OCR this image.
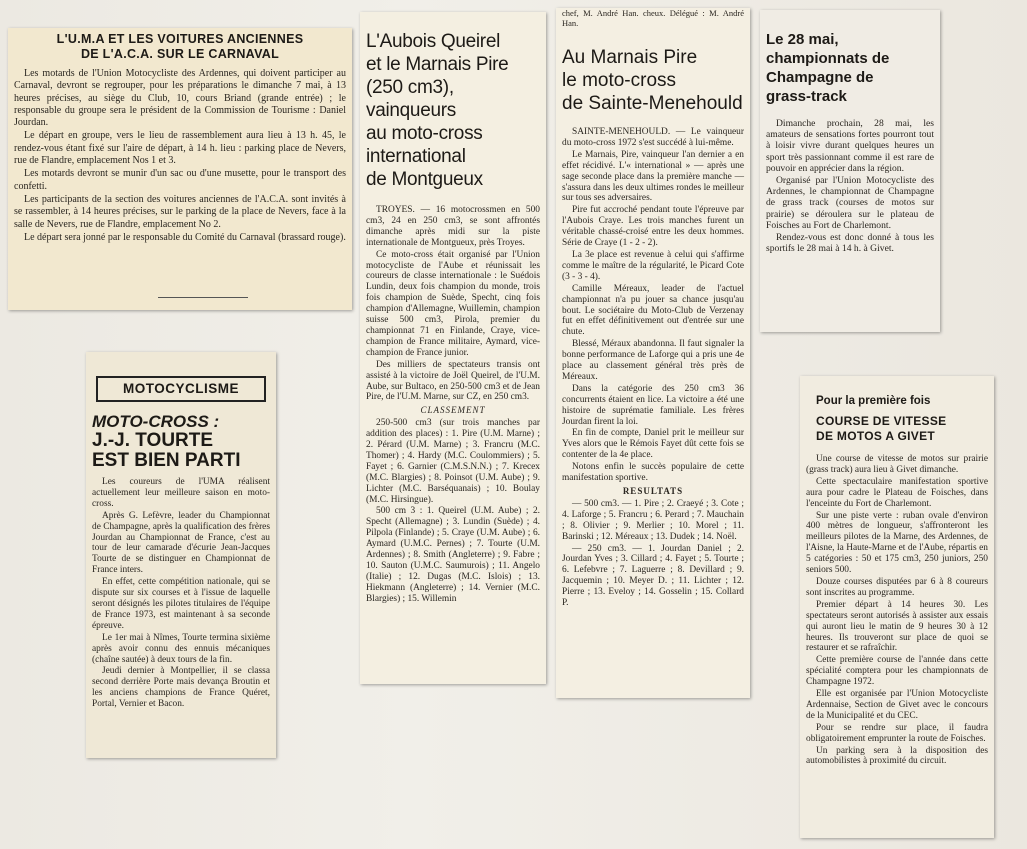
L'U.M.A ET LES VOITURES ANCIENNES
DE L'A.C.A. SUR LE CARNAVAL

Les motards de l'Union Motocycliste des Ardennes, qui doivent participer au Carnaval, devront se regrouper, pour les préparations le dimanche 7 mai, à 13 heures précises, au siège du Club, 10, cours Briand (grande entrée) ; le responsable du groupe sera le président de la Commission de Tourisme : Daniel Jourdan.

Le départ en groupe, vers le lieu de rassemblement aura lieu à 13 h. 45, le rendez-vous étant fixé sur l'aire de départ, à 14 h. lieu : parking place de Nevers, rue de Flandre, emplacement Nos 1 et 3.

Les motards devront se munir d'un sac ou d'une musette, pour le transport des confetti.

Les participants de la section des voitures anciennes de l'A.C.A. sont invités à se rassembler, à 14 heures précises, sur le parking de la place de Nevers, face à la salle de Nevers, rue de Flandre, emplacement No 2.

Le départ sera jonné par le responsable du Comité du Carnaval (brassard rouge).

L'Aubois Queirel
et le Marnais Pire
(250 cm3), vainqueurs
au moto-cross
international
de Montgueux

TROYES. — 16 motocrossmen en 500 cm3, 24 en 250 cm3, se sont affrontés dimanche après midi sur la piste internationale de Montgueux, près Troyes.

Ce moto-cross était organisé par l'Union motocycliste de l'Aube et réunissait les coureurs de classe internationale : le Suédois Lundin, deux fois champion du monde, trois fois champion de Suède, Specht, cinq fois champion d'Allemagne, Wuillemin, champion suisse 500 cm3, Pirola, premier du championnat 71 en Finlande, Craye, vice-champion de France militaire, Aymard, vice-champion de France junior.

Des milliers de spectateurs transis ont assisté à la victoire de Joël Queirel, de l'U.M. Aube, sur Bultaco, en 250-500 cm3 et de Jean Pire, de l'U.M. Marne, sur CZ, en 250 cm3.

CLASSEMENT

250-500 cm3 (sur trois manches par addition des places) : 1. Pire (U.M. Marne) ; 2. Pérard (U.M. Marne) ; 3. Francru (M.C. Thomer) ; 4. Hardy (M.C. Coulommiers) ; 5. Fayet ; 6. Garnier (C.M.S.N.N.) ; 7. Krecex (M.C. Blargies) ; 8. Poinsot (U.M. Aube) ; 9. Lichter (M.C. Barséquanais) ; 10. Boulay (M.C. Hirsingue).

500 cm 3 : 1. Queirel (U.M. Aube) ; 2. Specht (Allemagne) ; 3. Lundin (Suède) ; 4. Pilpola (Finlande) ; 5. Craye (U.M. Aube) ; 6. Aymard (U.M.C. Pernes) ; 7. Tourte (U.M. Ardennes) ; 8. Smith (Angleterre) ; 9. Fabre ; 10. Sauton (U.M.C. Saumurois) ; 11. Angelo (Italie) ; 12. Dugas (M.C. Islois) ; 13. Hiekmann (Angleterre) ; 14. Vernier (M.C. Blargies) ; 15. Willemin

chef, M. André Han. cheux. Délégué : M. André Han.
Au Marnais Pire
le moto-cross
de Sainte-Menehould

SAINTE-MENEHOULD. — Le vainqueur du moto-cross 1972 s'est succédé à lui-même.

Le Marnais, Pire, vainqueur l'an dernier a en effet récidivé. L'« international » — après une sage seconde place dans la première manche — s'assura dans les deux ultimes rondes le meilleur sur tous ses adversaires.

Pire fut accroché pendant toute l'épreuve par l'Aubois Craye. Les trois manches furent un véritable chassé-croisé entre les deux hommes. Série de Craye (1 - 2 - 2).

La 3e place est revenue à celui qui s'affirme comme le maître de la régularité, le Picard Cote (3 - 3 - 4).

Camille Méreaux, leader de l'actuel championnat n'a pu jouer sa chance jusqu'au bout. Le sociétaire du Moto-Club de Verzenay fut en effet définitivement out d'entrée sur une chute.

Blessé, Méraux abandonna. Il faut signaler la bonne performance de Laforge qui a pris une 4e place au classement général très près de Méreaux.

Dans la catégorie des 250 cm3 36 concurrents étaient en lice. La victoire a été une histoire de suprématie familiale. Les frères Jourdan firent la loi.

En fin de compte, Daniel prit le meilleur sur Yves alors que le Rémois Fayet dût cette fois se contenter de la 4e place.

Notons enfin le succès populaire de cette manifestation sportive.

RESULTATS

— 500 cm3. — 1. Pire ; 2. Craeyé ; 3. Cote ; 4. Laforge ; 5. Francru ; 6. Perard ; 7. Mauchain ; 8. Olivier ; 9. Merlier ; 10. Morel ; 11. Barinski ; 12. Méreaux ; 13. Dudek ; 14. Noël.

— 250 cm3. — 1. Jourdan Daniel ; 2. Jourdan Yves ; 3. Cillard ; 4. Fayet ; 5. Tourte ; 6. Lefebvre ; 7. Laguerre ; 8. Devillard ; 9. Jacquemin ; 10. Meyer D. ; 11. Lichter ; 12. Pierre ; 13. Eveloy ; 14. Gosselin ; 15. Collard P.

Le 28 mai,
championnats de
Champagne de
grass-track

Dimanche prochain, 28 mai, les amateurs de sensations fortes pourront tout à loisir vivre durant quelques heures un sport très passionnant comme il est rare de pouvoir en apprécier dans la région.

Organisé par l'Union Motocycliste des Ardennes, le championnat de Champagne de grass track (courses de motos sur prairie) se déroulera sur le plateau de Foisches au Fort de Charlemont.

Rendez-vous est donc donné à tous les sportifs le 28 mai à 14 h. à Givet.

MOTOCYCLISME
MOTO-CROSS :
J.-J. TOURTE
EST BIEN PARTI

Les coureurs de l'UMA réalisent actuellement leur meilleure saison en moto-cross.

Après G. Lefèvre, leader du Championnat de Champagne, après la qualification des frères Jourdan au Championnat de France, c'est au tour de leur camarade d'écurie Jean-Jacques Tourte de se distinguer en Championnat de France inters.

En effet, cette compétition nationale, qui se dispute sur six courses et à l'issue de laquelle seront désignés les pilotes titulaires de l'équipe de France 1973, est maintenant à sa seconde épreuve.

Le 1er mai à Nîmes, Tourte termina sixième après avoir connu des ennuis mécaniques (chaîne sautée) à deux tours de la fin.

Jeudi dernier à Montpellier, il se classa second derrière Porte mais devança Broutin et les anciens champions de France Quéret, Portal, Vernier et Bacon.

Pour la première fois
COURSE DE VITESSE
DE MOTOS A GIVET

Une course de vitesse de motos sur prairie (grass track) aura lieu à Givet dimanche.

Cette spectaculaire manifestation sportive aura pour cadre le Plateau de Foisches, dans l'enceinte du Fort de Charlemont.

Sur une piste verte : ruban ovale d'environ 400 mètres de longueur, s'affronteront les meilleurs pilotes de la Marne, des Ardennes, de l'Aisne, la Haute-Marne et de l'Aube, répartis en 5 catégories : 50 et 175 cm3, 250 juniors, 250 seniors 500.

Douze courses disputées par 6 à 8 coureurs sont inscrites au programme.

Premier départ à 14 heures 30. Les spectateurs seront autorisés à assister aux essais qui auront lieu le matin de 9 heures 30 à 12 heures. Ils trouveront sur place de quoi se restaurer et se rafraîchir.

Cette première course de l'année dans cette spécialité comptera pour les championnats de Champagne 1972.

Elle est organisée par l'Union Motocycliste Ardennaise, Section de Givet avec le concours de la Municipalité et du CEC.

Pour se rendre sur place, il faudra obligatoirement emprunter la route de Foisches.

Un parking sera à la disposition des automobilistes à proximité du circuit.
